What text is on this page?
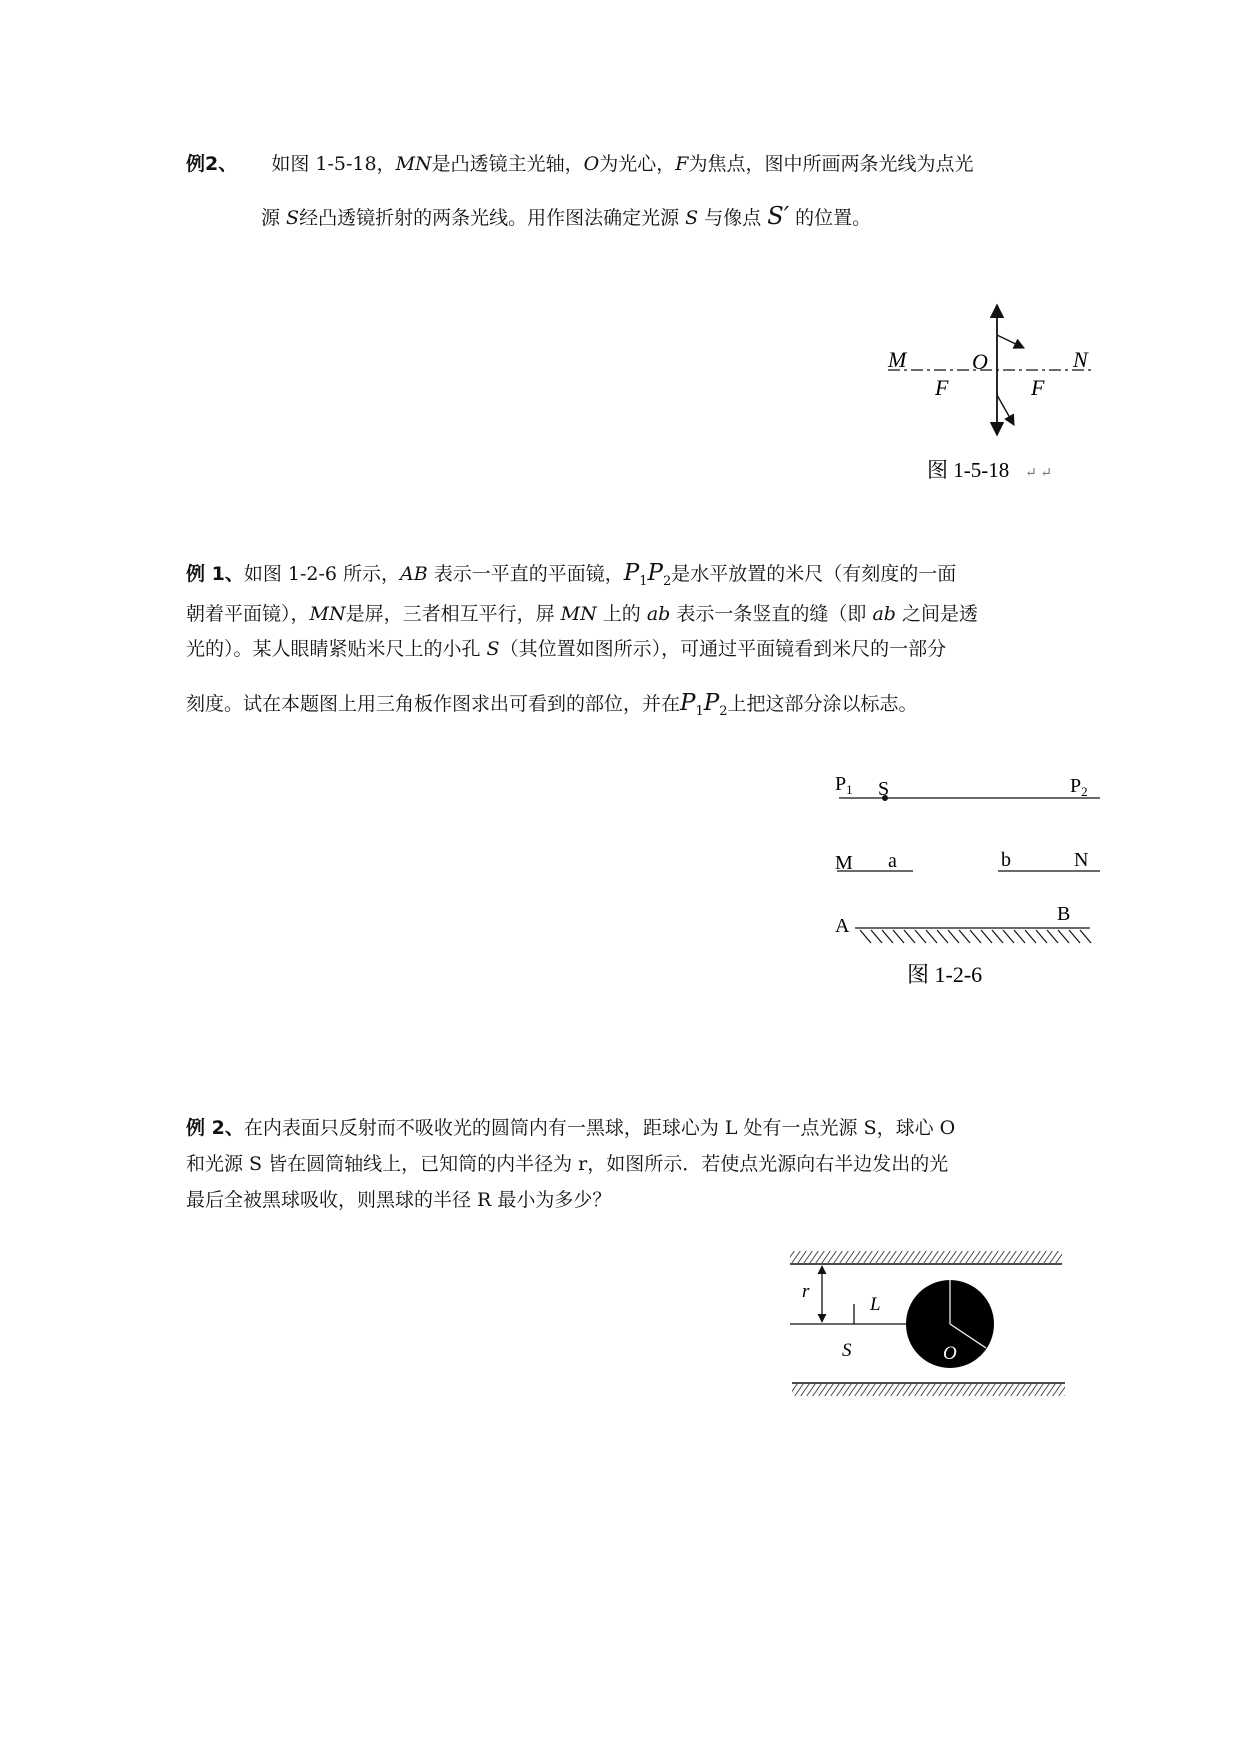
例2、 如图 1-5-18，MN是凸透镜主光轴，O为光心，F为焦点，图中所画两条光线为点光
源 S经凸透镜折射的两条光线。用作图法确定光源 S 与像点 S′ 的位置。
M	O	N
F	F
图 1-5-18 ↵ ↵
例 1、如图 1-2-6 所示，AB 表示一平直的平面镜，$P_1P_2$是水平放置的米尺（有刻度的一面
朝着平面镜），MN是屏，三者相互平行，屏 MN 上的 ab 表示一条竖直的缝（即 ab 之间是透
光的）。某人眼睛紧贴米尺上的小孔 S（其位置如图所示），可通过平面镜看到米尺的一部分
刻度。试在本题图上用三角板作图求出可看到的部位，并在$P_1P_2$上把这部分涂以标志。
$P_1$ S	$P_2$
M a	b	N
A
B
图 1-2-6
例 2、在内表面只反射而不吸收光的圆筒内有一黑球，距球心为 L 处有一点光源 S，球心 O
和光源 S 皆在圆筒轴线上，已知筒的内半径为 r，如图所示．若使点光源向右半边发出的光
最后全被黑球吸收，则黑球的半径 R 最小为多少？
r
L
S	O
